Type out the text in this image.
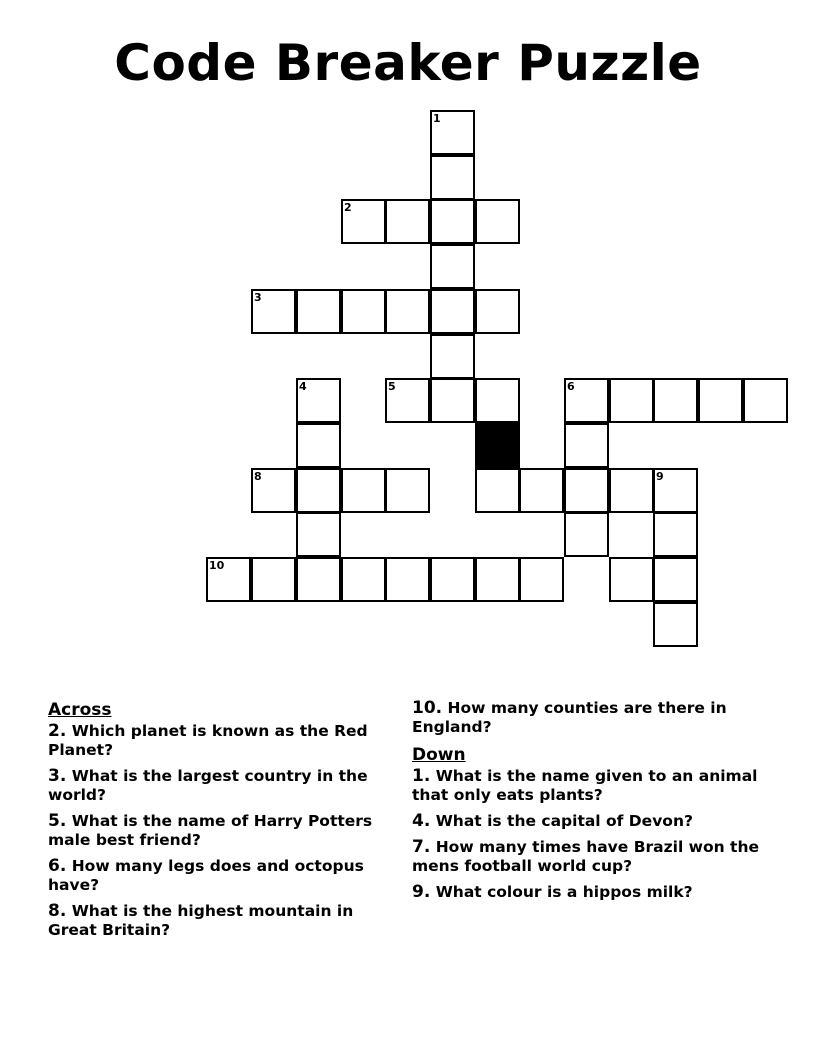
Code Breaker Puzzle
1
2
3
4	5	6
8	9
10
Across
2. Which planet is known as the Red Planet?
3. What is the largest country in the world?
5. What is the name of Harry Potters male best friend?
6. How many legs does and octopus have?
8. What is the highest mountain in Great Britain?
10. How many counties are there in England?
Down
1. What is the name given to an animal that only eats plants?
4. What is the capital of Devon?
7. How many times have Brazil won the mens football world cup?
9. What colour is a hippos milk?
